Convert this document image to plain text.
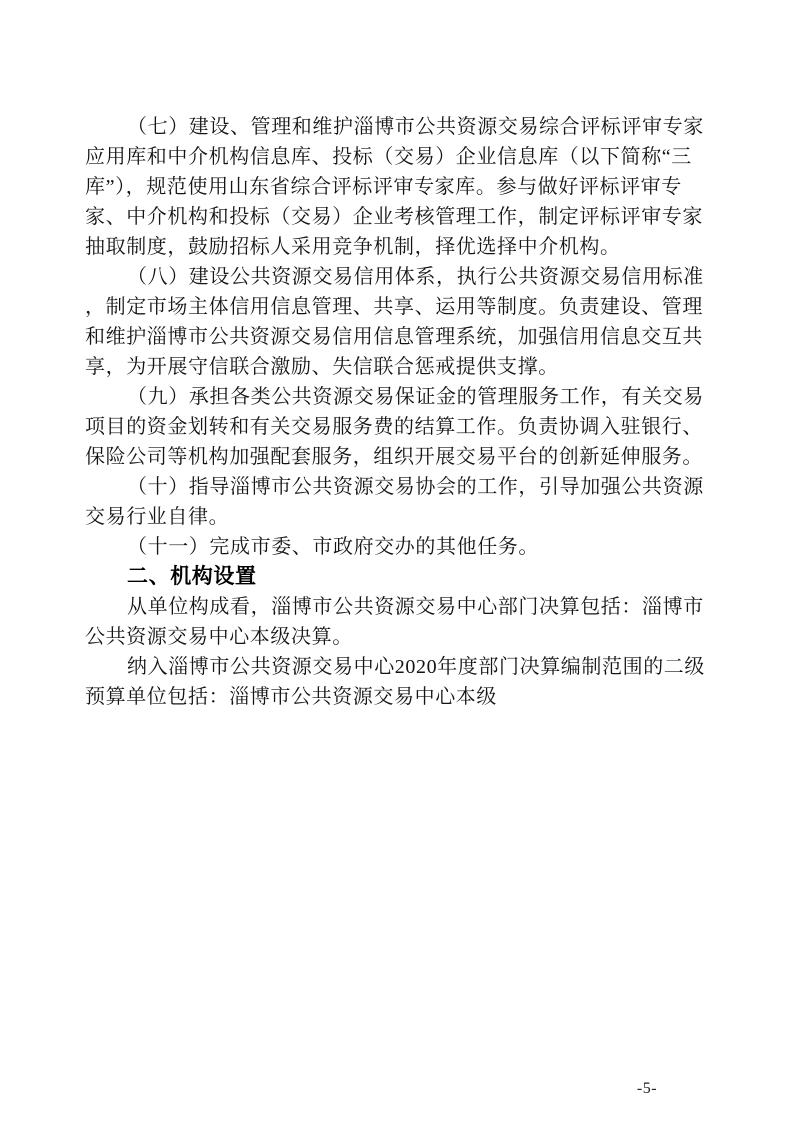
（七）建设、管理和维护淄博市公共资源交易综合评标评审专家
应用库和中介机构信息库、投标（交易）企业信息库（以下简称“三
库”），规范使用山东省综合评标评审专家库。参与做好评标评审专
家、中介机构和投标（交易）企业考核管理工作，制定评标评审专家
抽取制度，鼓励招标人采用竞争机制，择优选择中介机构。
（八）建设公共资源交易信用体系，执行公共资源交易信用标准
，制定市场主体信用信息管理、共享、运用等制度。负责建设、管理
和维护淄博市公共资源交易信用信息管理系统，加强信用信息交互共
享，为开展守信联合激励、失信联合惩戒提供支撑。
（九）承担各类公共资源交易保证金的管理服务工作，有关交易
项目的资金划转和有关交易服务费的结算工作。负责协调入驻银行、
保险公司等机构加强配套服务，组织开展交易平台的创新延伸服务。
（十）指导淄博市公共资源交易协会的工作，引导加强公共资源
交易行业自律。
（十一）完成市委、市政府交办的其他任务。
二、机构设置
从单位构成看，淄博市公共资源交易中心部门决算包括：淄博市
公共资源交易中心本级决算。
纳入淄博市公共资源交易中心2020年度部门决算编制范围的二级
预算单位包括：淄博市公共资源交易中心本级
-5-
